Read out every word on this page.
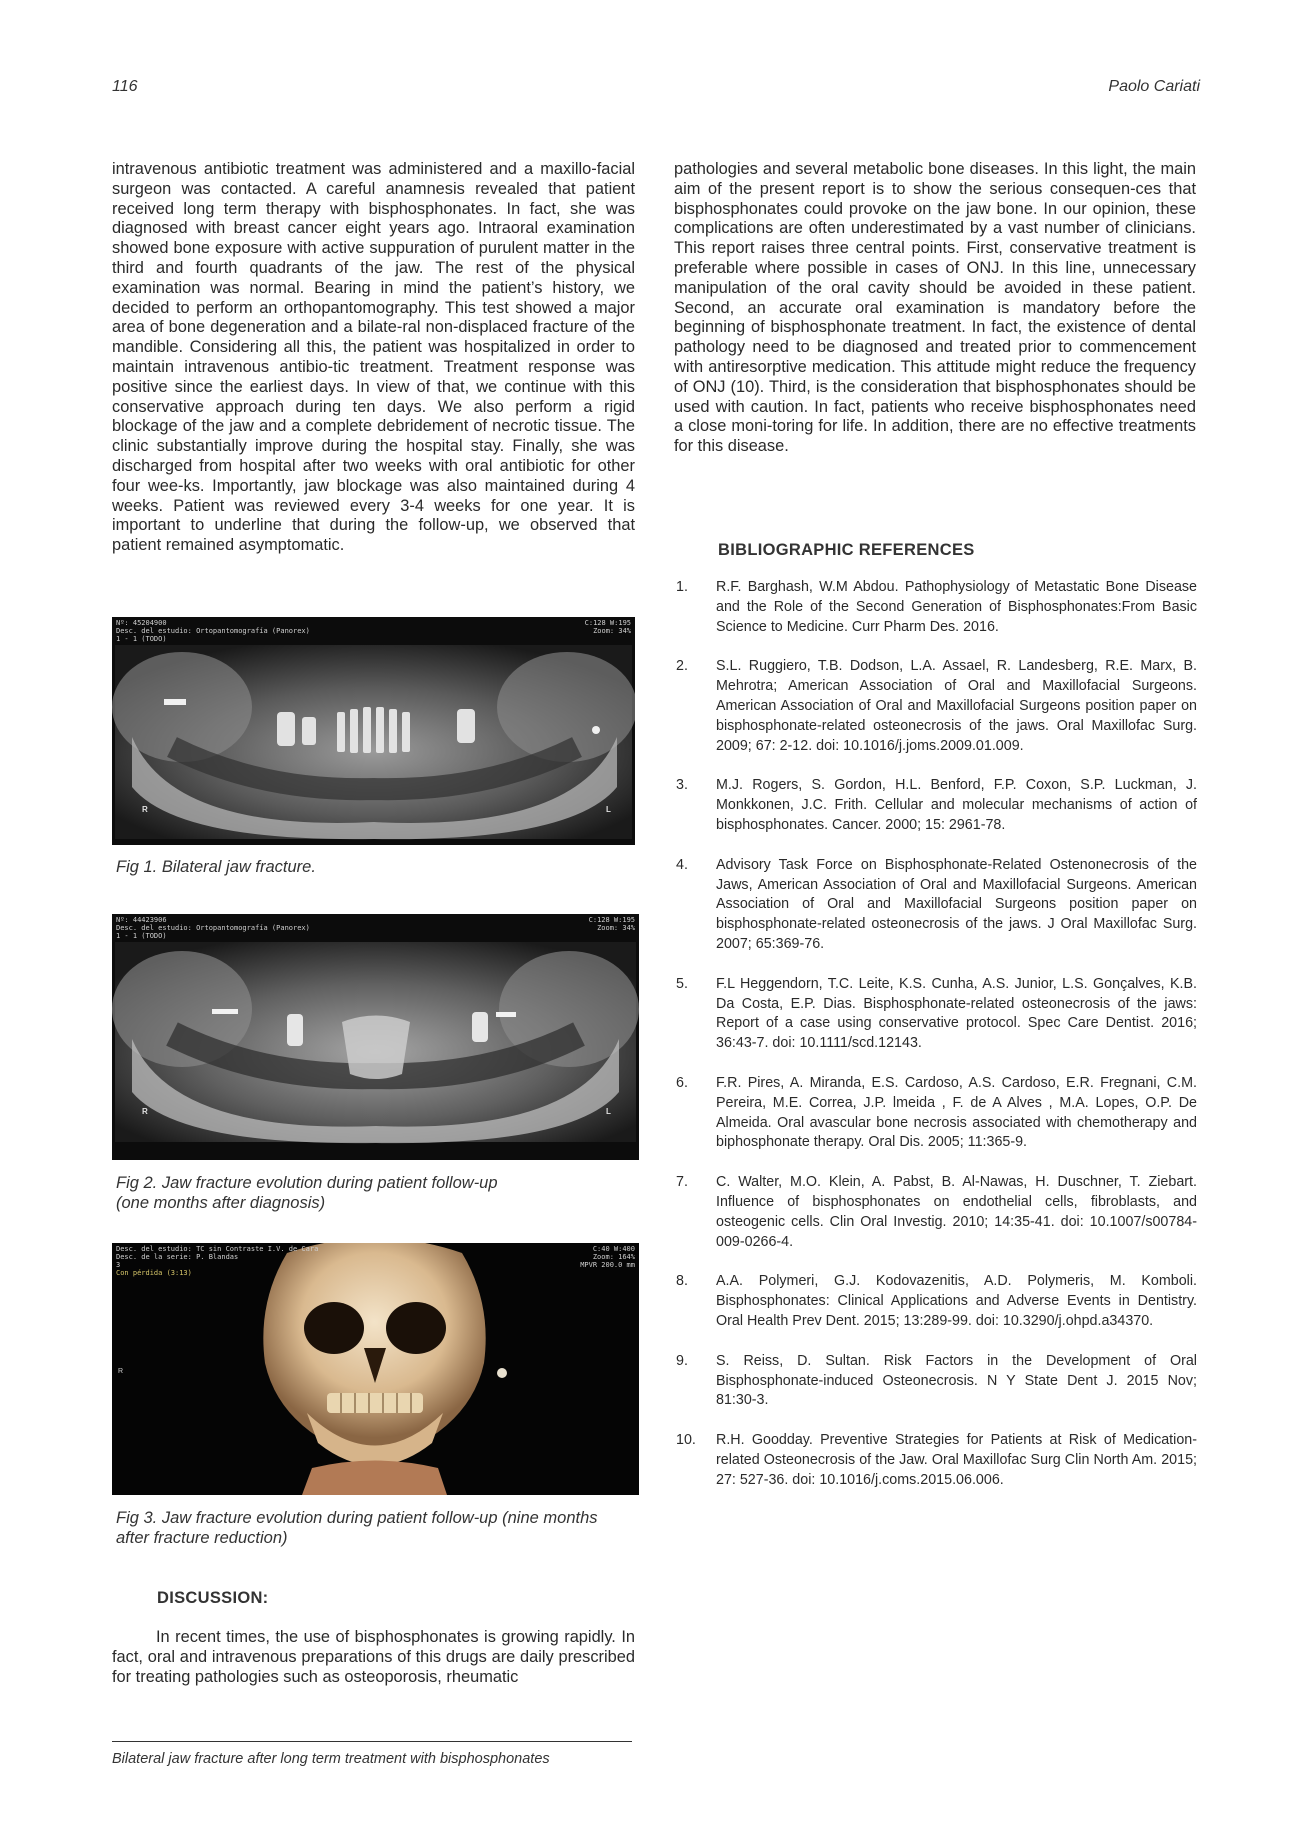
116	Paolo Cariati

intravenous antibiotic treatment was administered and a maxillo-facial surgeon was contacted. A careful anamnesis revealed that patient received long term therapy with bisphosphonates. In fact, she was diagnosed with breast cancer eight years ago. Intraoral examination showed bone exposure with active suppuration of purulent matter in the third and fourth quadrants of the jaw. The rest of the physical examination was normal. Bearing in mind the patient’s history, we decided to perform an orthopantomography. This test showed a major area of bone degeneration and a bilate-ral non-displaced fracture of the mandible. Considering all this, the patient was hospitalized in order to maintain intravenous antibio-tic treatment. Treatment response was positive since the earliest days. In view of that, we continue with this conservative approach during ten days. We also perform a rigid blockage of the jaw and a complete debridement of necrotic tissue. The clinic substantially improve during the hospital stay. Finally, she was discharged from hospital after two weeks with oral antibiotic for other four wee-ks. Importantly, jaw blockage was also maintained during 4 weeks. Patient was reviewed every 3-4 weeks for one year. It is important to underline that during the follow-up, we observed that patient remained asymptomatic.

pathologies and several metabolic bone diseases. In this light, the main aim of the present report is to show the serious consequen-ces that bisphosphonates could provoke on the jaw bone. In our opinion, these complications are often underestimated by a vast number of clinicians. This report raises three central points. First, conservative treatment is preferable where possible in cases of ONJ. In this line, unnecessary manipulation of the oral cavity should be avoided in these patient. Second, an accurate oral examination is mandatory before the beginning of bisphosphonate treatment. In fact, the existence of dental pathology need to be diagnosed and treated prior to commencement with antiresorptive medication. This attitude might reduce the frequency of ONJ (10). Third, is the consideration that bisphosphonates should be used with caution. In fact, patients who receive bisphosphonates need a close moni-toring for life. In addition, there are no effective treatments for this disease.

Nº: 45204900
Desc. del estudio: Ortopantomografía (Panorex)
1 - 1 (TODO)
C:128 W:195
Zoom: 34%
R	L
Fig 1. Bilateral jaw fracture.
Nº: 44423906
Desc. del estudio: Ortopantomografía (Panorex)
1 - 1 (TODO)
C:128 W:195
Zoom: 34%
R	L
Fig 2. Jaw fracture evolution during patient follow-up
(one months after diagnosis)
Desc. del estudio: TC sin Contraste I.V. de Cara
Desc. de la serie: P. Blandas
3
Con pérdida (3:13)
C:40 W:400
Zoom: 164%
MPVR 200.0 mm
R
Fig 3. Jaw fracture evolution during patient follow-up (nine months
after fracture reduction)
DISCUSSION:
In recent times, the use of bisphosphonates is growing rapidly. In fact, oral and intravenous preparations of this drugs are daily prescribed for treating pathologies such as osteoporosis, rheumatic
BIBLIOGRAPHIC REFERENCES
1. R.F. Barghash, W.M Abdou. Pathophysiology of Metastatic Bone Disease and the Role of the Second Generation of Bisphosphonates:From Basic Science to Medicine. Curr Pharm Des. 2016.
2. S.L. Ruggiero, T.B. Dodson, L.A. Assael, R. Landesberg, R.E. Marx, B. Mehrotra; American Association of Oral and Maxillofacial Surgeons. American Association of Oral and Maxillofacial Surgeons position paper on bisphosphonate-related osteonecrosis of the jaws. Oral Maxillofac Surg. 2009; 67: 2-12. doi: 10.1016/j.joms.2009.01.009.
3. M.J. Rogers, S. Gordon, H.L. Benford, F.P. Coxon, S.P. Luckman, J. Monkkonen, J.C. Frith. Cellular and molecular mechanisms of action of bisphosphonates. Cancer. 2000; 15: 2961-78.
4. Advisory Task Force on Bisphosphonate-Related Ostenonecrosis of the Jaws, American Association of Oral and Maxillofacial Surgeons. American Association of Oral and Maxillofacial Surgeons position paper on bisphosphonate-related osteonecrosis of the jaws. J Oral Maxillofac Surg. 2007; 65:369-76.
5. F.L Heggendorn, T.C. Leite, K.S. Cunha, A.S. Junior, L.S. Gonçalves, K.B. Da Costa, E.P. Dias. Bisphosphonate-related osteonecrosis of the jaws: Report of a case using conservative protocol. Spec Care Dentist. 2016; 36:43-7. doi: 10.1111/scd.12143.
6. F.R. Pires, A. Miranda, E.S. Cardoso, A.S. Cardoso, E.R. Fregnani, C.M. Pereira, M.E. Correa, J.P. lmeida , F. de A Alves , M.A. Lopes, O.P. De Almeida. Oral avascular bone necrosis associated with chemotherapy and biphosphonate therapy. Oral Dis. 2005; 11:365-9.
7. C. Walter, M.O. Klein, A. Pabst, B. Al-Nawas, H. Duschner, T. Ziebart. Influence of bisphosphonates on endothelial cells, fibroblasts, and osteogenic cells. Clin Oral Investig. 2010; 14:35-41. doi: 10.1007/s00784-009-0266-4.
8. A.A. Polymeri, G.J. Kodovazenitis, A.D. Polymeris, M. Komboli. Bisphosphonates: Clinical Applications and Adverse Events in Dentistry. Oral Health Prev Dent. 2015; 13:289-99. doi: 10.3290/j.ohpd.a34370.
9. S. Reiss, D. Sultan. Risk Factors in the Development of Oral Bisphosphonate-induced Osteonecrosis. N Y State Dent J. 2015 Nov; 81:30-3.
10. R.H. Goodday. Preventive Strategies for Patients at Risk of Medication-related Osteonecrosis of the Jaw. Oral Maxillofac Surg Clin North Am. 2015; 27: 527-36. doi: 10.1016/j.coms.2015.06.006.
Bilateral jaw fracture after long term treatment with bisphosphonates
